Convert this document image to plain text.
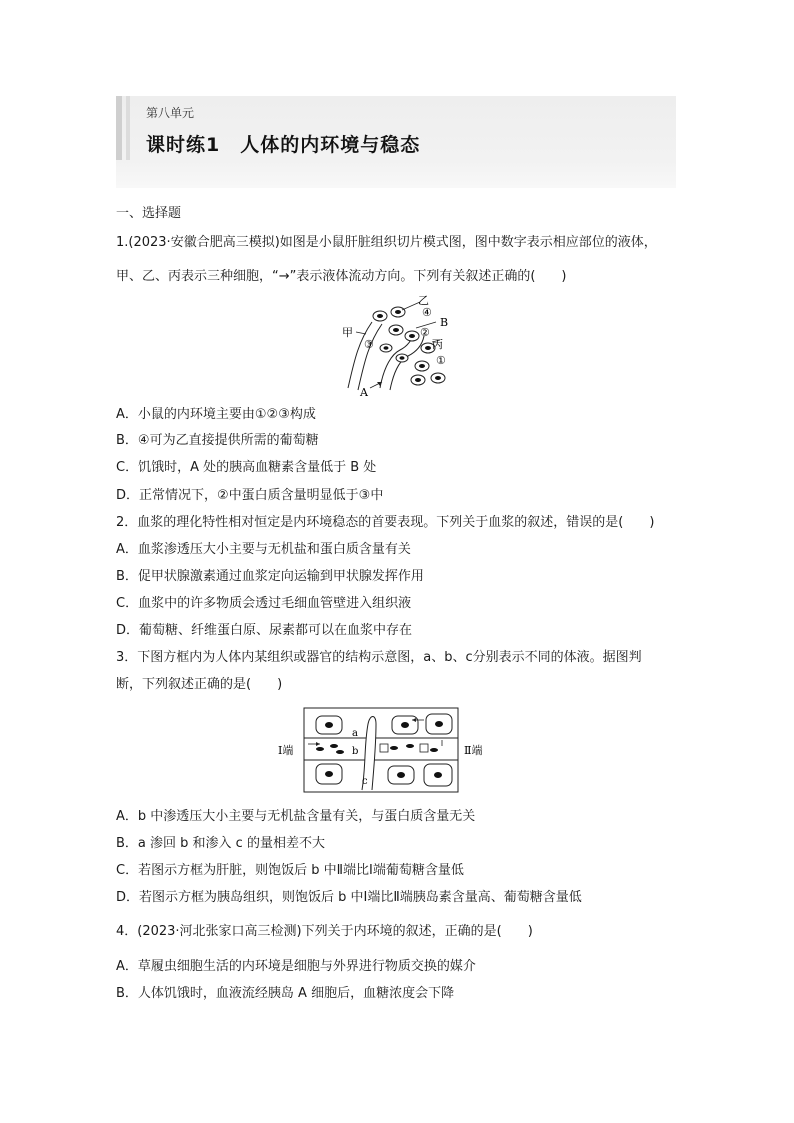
第八单元
课时练1　人体的内环境与稳态
一、选择题
1.(2023·安徽合肥高三模拟)如图是小鼠肝脏组织切片模式图，图中数字表示相应部位的液体，
甲、乙、丙表示三种细胞，“→”表示液体流动方向。下列有关叙述正确的(　　)
乙
④
B
②
丙
①
甲
③
A
A．小鼠的内环境主要由①②③构成
B．④可为乙直接提供所需的葡萄糖
C．饥饿时，A 处的胰高血糖素含量低于 B 处
D．正常情况下，②中蛋白质含量明显低于③中
2．血浆的理化特性相对恒定是内环境稳态的首要表现。下列关于血浆的叙述，错误的是(　　)
A．血浆渗透压大小主要与无机盐和蛋白质含量有关
B．促甲状腺激素通过血浆定向运输到甲状腺发挥作用
C．血浆中的许多物质会透过毛细血管壁进入组织液
D．葡萄糖、纤维蛋白原、尿素都可以在血浆中存在
3．下图方框内为人体内某组织或器官的结构示意图，a、b、c分别表示不同的体液。据图判
断，下列叙述正确的是(　　)
Ⅰ端	Ⅱ端
a
b
c
A．b 中渗透压大小主要与无机盐含量有关，与蛋白质含量无关
B．a 渗回 b 和渗入 c 的量相差不大
C．若图示方框为肝脏，则饱饭后 b 中Ⅱ端比Ⅰ端葡萄糖含量低
D．若图示方框为胰岛组织，则饱饭后 b 中Ⅰ端比Ⅱ端胰岛素含量高、葡萄糖含量低
4．(2023·河北张家口高三检测)下列关于内环境的叙述，正确的是(　　)
A．草履虫细胞生活的内环境是细胞与外界进行物质交换的媒介
B．人体饥饿时，血液流经胰岛 A 细胞后，血糖浓度会下降
